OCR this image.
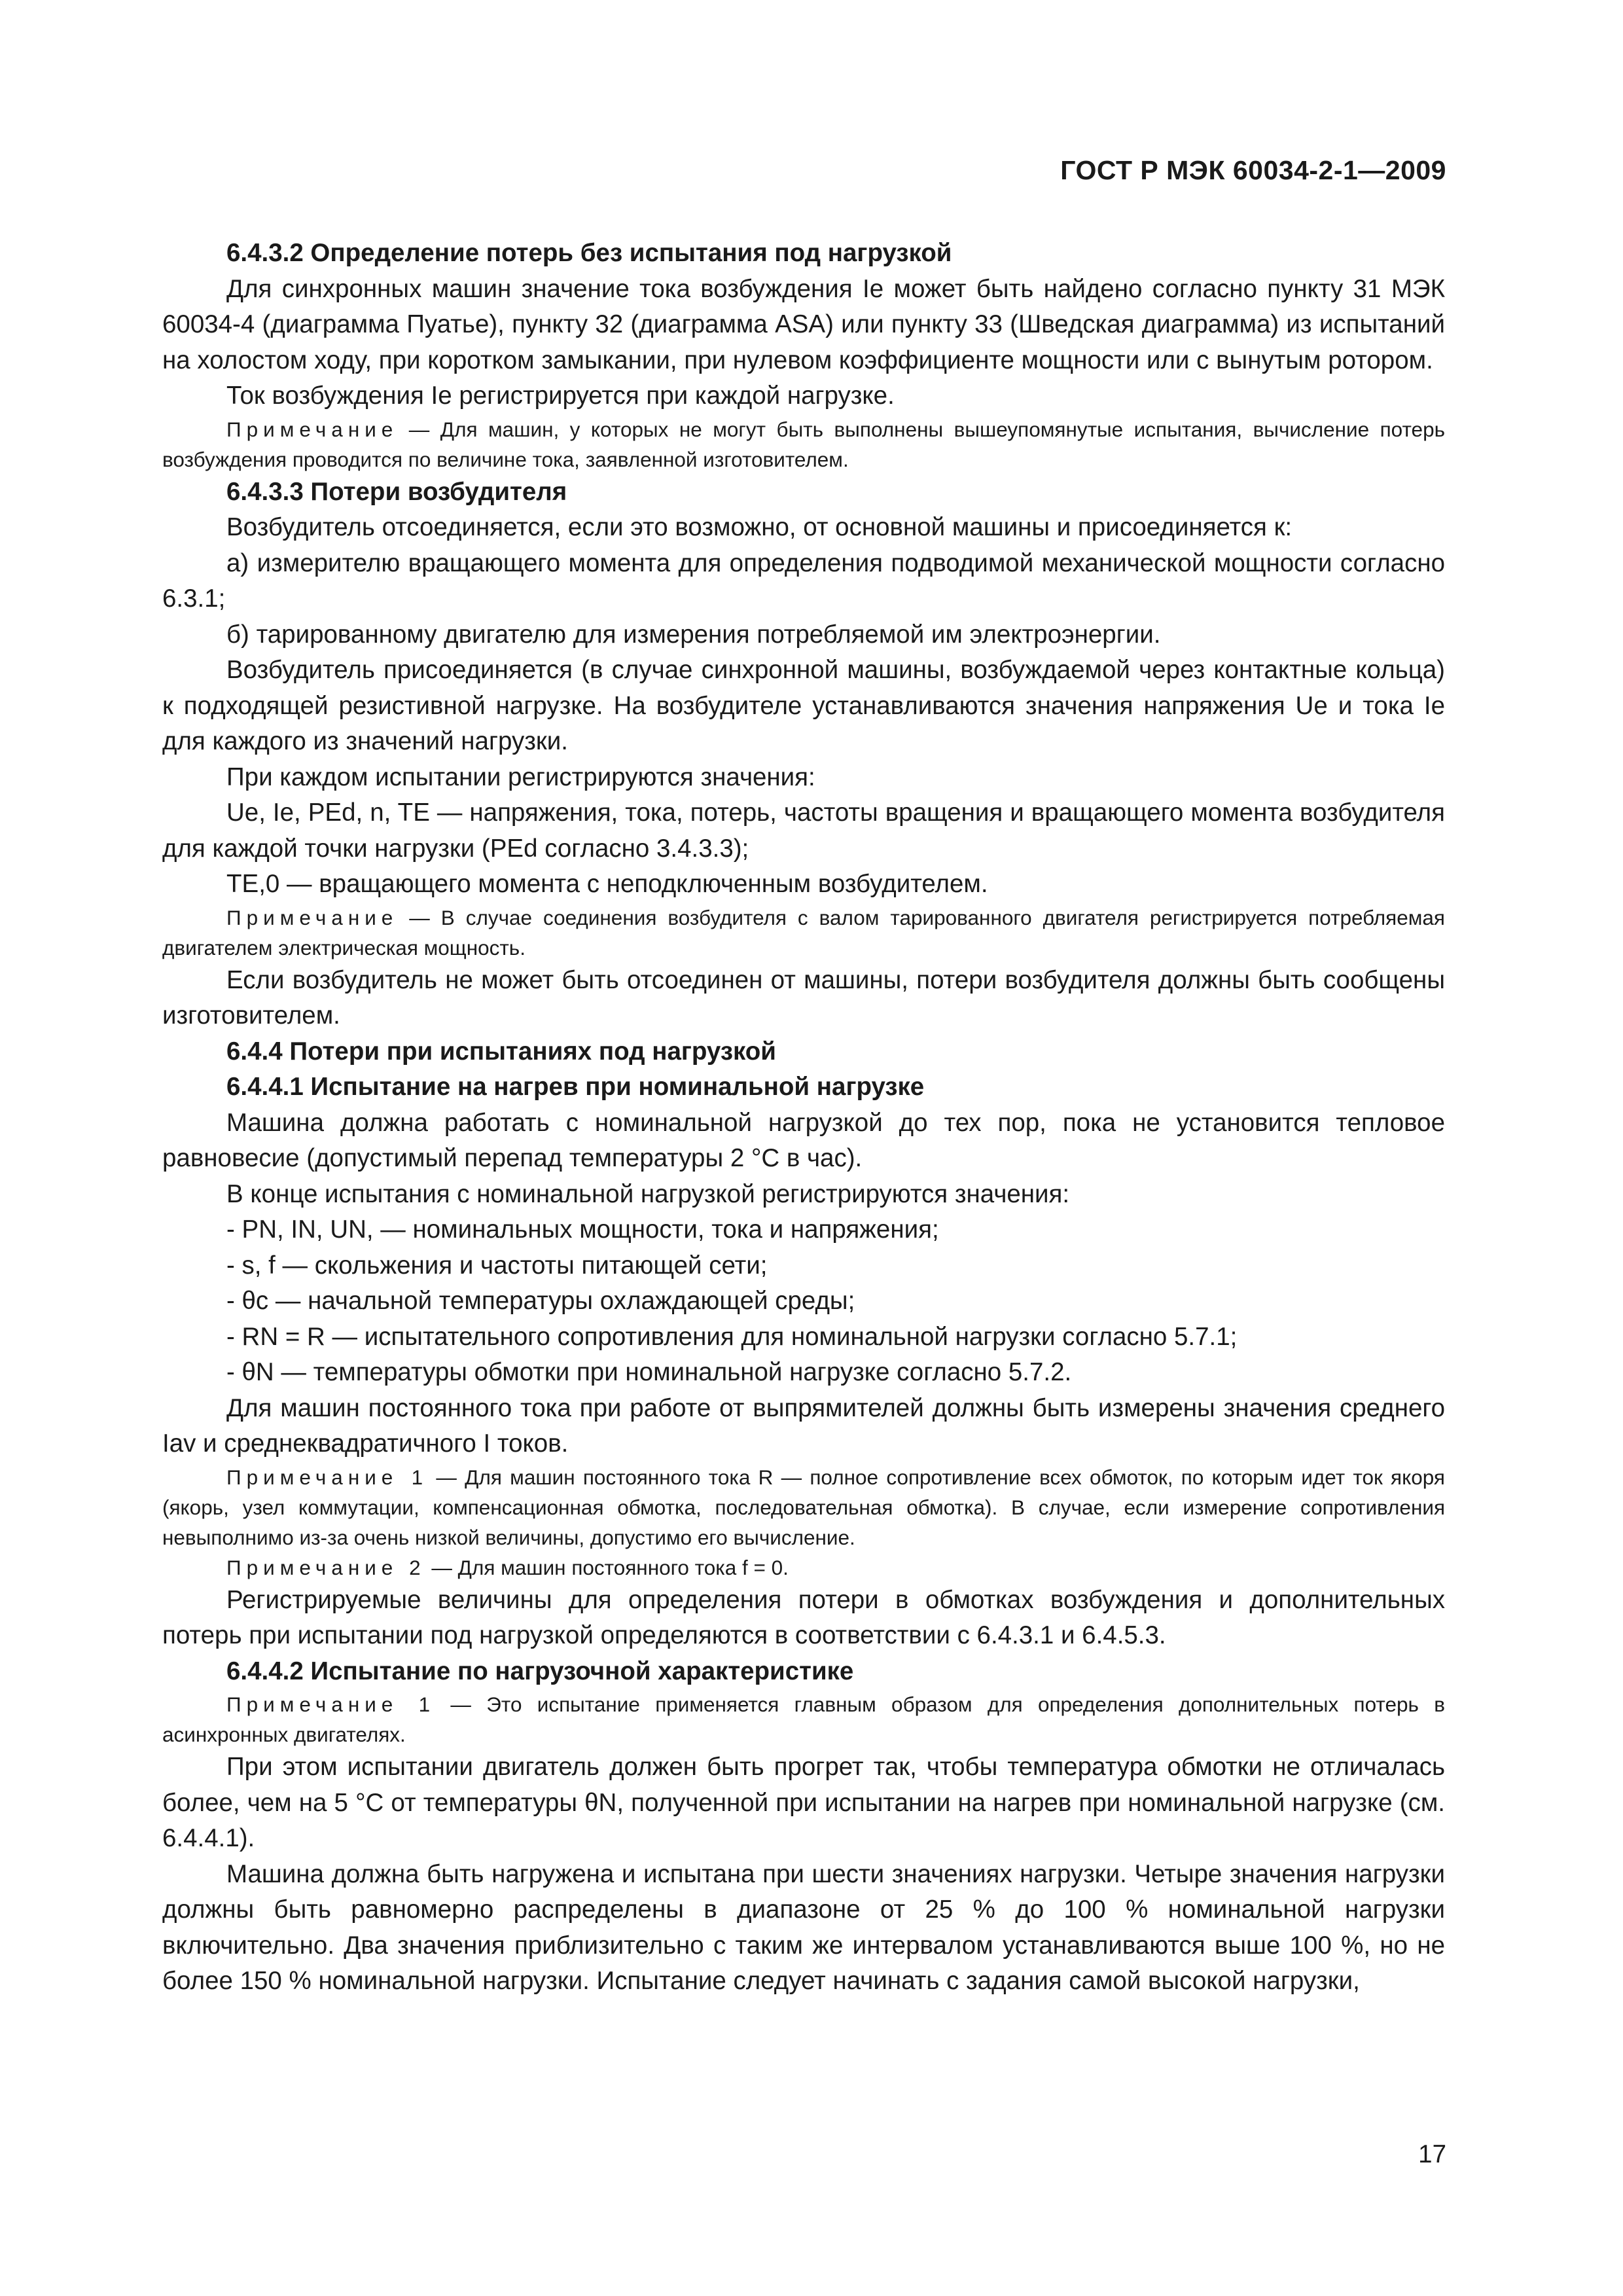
ГОСТ Р МЭК 60034-2-1—2009
6.4.3.2 Определение потерь без испытания под нагрузкой

Для синхронных машин значение тока возбуждения Iе может быть найдено согласно пункту 31 МЭК 60034-4 (диаграмма Пуатье), пункту 32 (диаграмма ASA) или пункту 33 (Шведская диаграмма) из испытаний на холостом ходу, при коротком замыкании, при нулевом коэффициенте мощности или с вынутым ротором.

Ток возбуждения Iе регистрируется при каждой нагрузке.

Примечание — Для машин, у которых не могут быть выполнены вышеупомянутые испытания, вычисление потерь возбуждения проводится по величине тока, заявленной изготовителем.

6.4.3.3 Потери возбудителя

Возбудитель отсоединяется, если это возможно, от основной машины и присоединяется к:

а) измерителю вращающего момента для определения подводимой механической мощности согласно 6.3.1;

б) тарированному двигателю для измерения потребляемой им электроэнергии.

Возбудитель присоединяется (в случае синхронной машины, возбуждаемой через контактные кольца) к подходящей резистивной нагрузке. На возбудителе устанавливаются значения напряжения Uе и тока Iе для каждого из значений нагрузки.

При каждом испытании регистрируются значения:

Uе, Iе, PEd, n, TE — напряжения, тока, потерь, частоты вращения и вращающего момента возбудителя для каждой точки нагрузки (PEd согласно 3.4.3.3);

TE,0 — вращающего момента с неподключенным возбудителем.

Примечание — В случае соединения возбудителя с валом тарированного двигателя регистрируется потребляемая двигателем электрическая мощность.

Если возбудитель не может быть отсоединен от машины, потери возбудителя должны быть сообщены изготовителем.

6.4.4 Потери при испытаниях под нагрузкой
6.4.4.1 Испытание на нагрев при номинальной нагрузке

Машина должна работать с номинальной нагрузкой до тех пор, пока не установится тепловое равновесие (допустимый перепад температуры 2 °С в час).

В конце испытания с номинальной нагрузкой регистрируются значения:

- PN, IN, UN, — номинальных мощности, тока и напряжения;

- s, f — скольжения и частоты питающей сети;

- θc — начальной температуры охлаждающей среды;

- RN = R — испытательного сопротивления для номинальной нагрузки согласно 5.7.1;

- θN — температуры обмотки при номинальной нагрузке согласно 5.7.2.

Для машин постоянного тока при работе от выпрямителей должны быть измерены значения среднего Iav и среднеквадратичного I токов.

Примечание 1 — Для машин постоянного тока R — полное сопротивление всех обмоток, по которым идет ток якоря (якорь, узел коммутации, компенсационная обмотка, последовательная обмотка). В случае, если измерение сопротивления невыполнимо из-за очень низкой величины, допустимо его вычисление.

Примечание 2 — Для машин постоянного тока f = 0.

Регистрируемые величины для определения потери в обмотках возбуждения и дополнительных потерь при испытании под нагрузкой определяются в соответствии с 6.4.3.1 и 6.4.5.3.

6.4.4.2 Испытание по нагрузочной характеристике

Примечание 1 — Это испытание применяется главным образом для определения дополнительных потерь в асинхронных двигателях.

При этом испытании двигатель должен быть прогрет так, чтобы температура обмотки не отличалась более, чем на 5 °С от температуры θN, полученной при испытании на нагрев при номинальной нагрузке (см. 6.4.4.1).

Машина должна быть нагружена и испытана при шести значениях нагрузки. Четыре значения нагрузки должны быть равномерно распределены в диапазоне от 25 % до 100 % номинальной нагрузки включительно. Два значения приблизительно с таким же интервалом устанавливаются выше 100 %, но не более 150 % номинальной нагрузки. Испытание следует начинать с задания самой высокой нагрузки,

17
